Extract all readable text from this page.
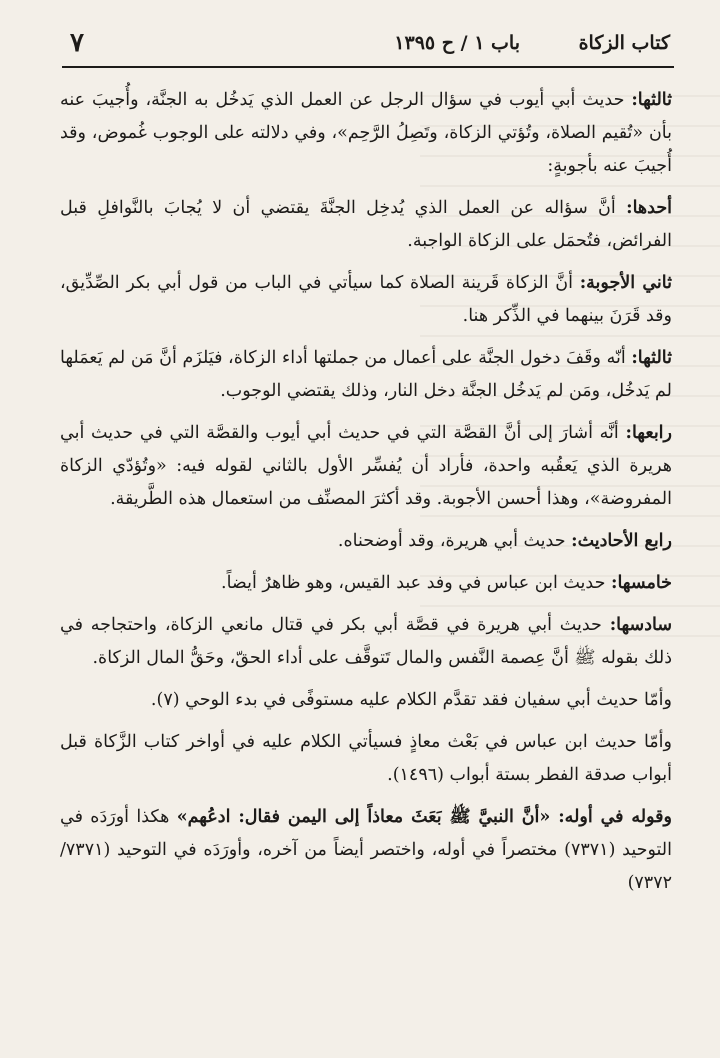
كتاب الزكاة
باب ١ / ح ١٣٩٥
٧

ثالثها: حديث أبي أيوب في سؤال الرجل عن العمل الذي يَدخُل به الجنَّة، وأُجيبَ عنه بأن «تُقيم الصلاة، وتُؤتي الزكاة، وتَصِلُ الرَّحِم»، وفي دلالته على الوجوب غُموض، وقد أُجيبَ عنه بأجوبةٍ:

أحدها: أنَّ سؤاله عن العمل الذي يُدخِل الجنَّةَ يقتضي أن لا يُجابَ بالنَّوافلِ قبل الفرائض، فتُحمَل على الزكاة الواجبة.

ثاني الأجوبة: أنَّ الزكاة قَرينة الصلاة كما سيأتي في الباب من قول أبي بكر الصِّدِّيق، وقد قَرَنَ بينهما في الذِّكر هنا.

ثالثها: أنّه وقَفَ دخول الجنَّة على أعمال من جملتها أداء الزكاة، فيَلزَم أنَّ مَن لم يَعمَلها لم يَدخُل، ومَن لم يَدخُل الجنَّة دخل النار، وذلك يقتضي الوجوب.

رابعها: أنَّه أشارَ إلى أنَّ القصَّة التي في حديث أبي أيوب والقصَّة التي في حديث أبي هريرة الذي يَعقُبه واحدة، فأراد أن يُفسِّر الأول بالثاني لقوله فيه: «وتُؤدّي الزكاة المفروضة»، وهذا أحسن الأجوبة. وقد أكثرَ المصنِّف من استعمال هذه الطَّريقة.

رابع الأحاديث: حديث أبي هريرة، وقد أوضحناه.

خامسها: حديث ابن عباس في وفد عبد القيس، وهو ظاهرٌ أيضاً.

سادسها: حديث أبي هريرة في قصَّة أبي بكر في قتال مانعي الزكاة، واحتجاجه في ذلك بقوله ﷺ أنَّ عِصمة النَّفس والمال تَتوقَّف على أداء الحقّ، وحَقُّ المال الزكاة.

وأمّا حديث أبي سفيان فقد تقدَّم الكلام عليه مستوفًى في بدء الوحي (٧).

وأمّا حديث ابن عباس في بَعْث معاذٍ فسيأتي الكلام عليه في أواخر كتاب الزَّكاة قبل أبواب صدقة الفطر بستة أبواب (١٤٩٦).

وقوله في أوله: «أنَّ النبيَّ ﷺ بَعَثَ معاذاً إلى اليمن فقال: ادعُهم» هكذا أورَدَه في التوحيد (٧٣٧١) مختصراً في أوله، واختصر أيضاً من آخره، وأورَدَه في التوحيد (٧٣٧١/ ٧٣٧٢)
